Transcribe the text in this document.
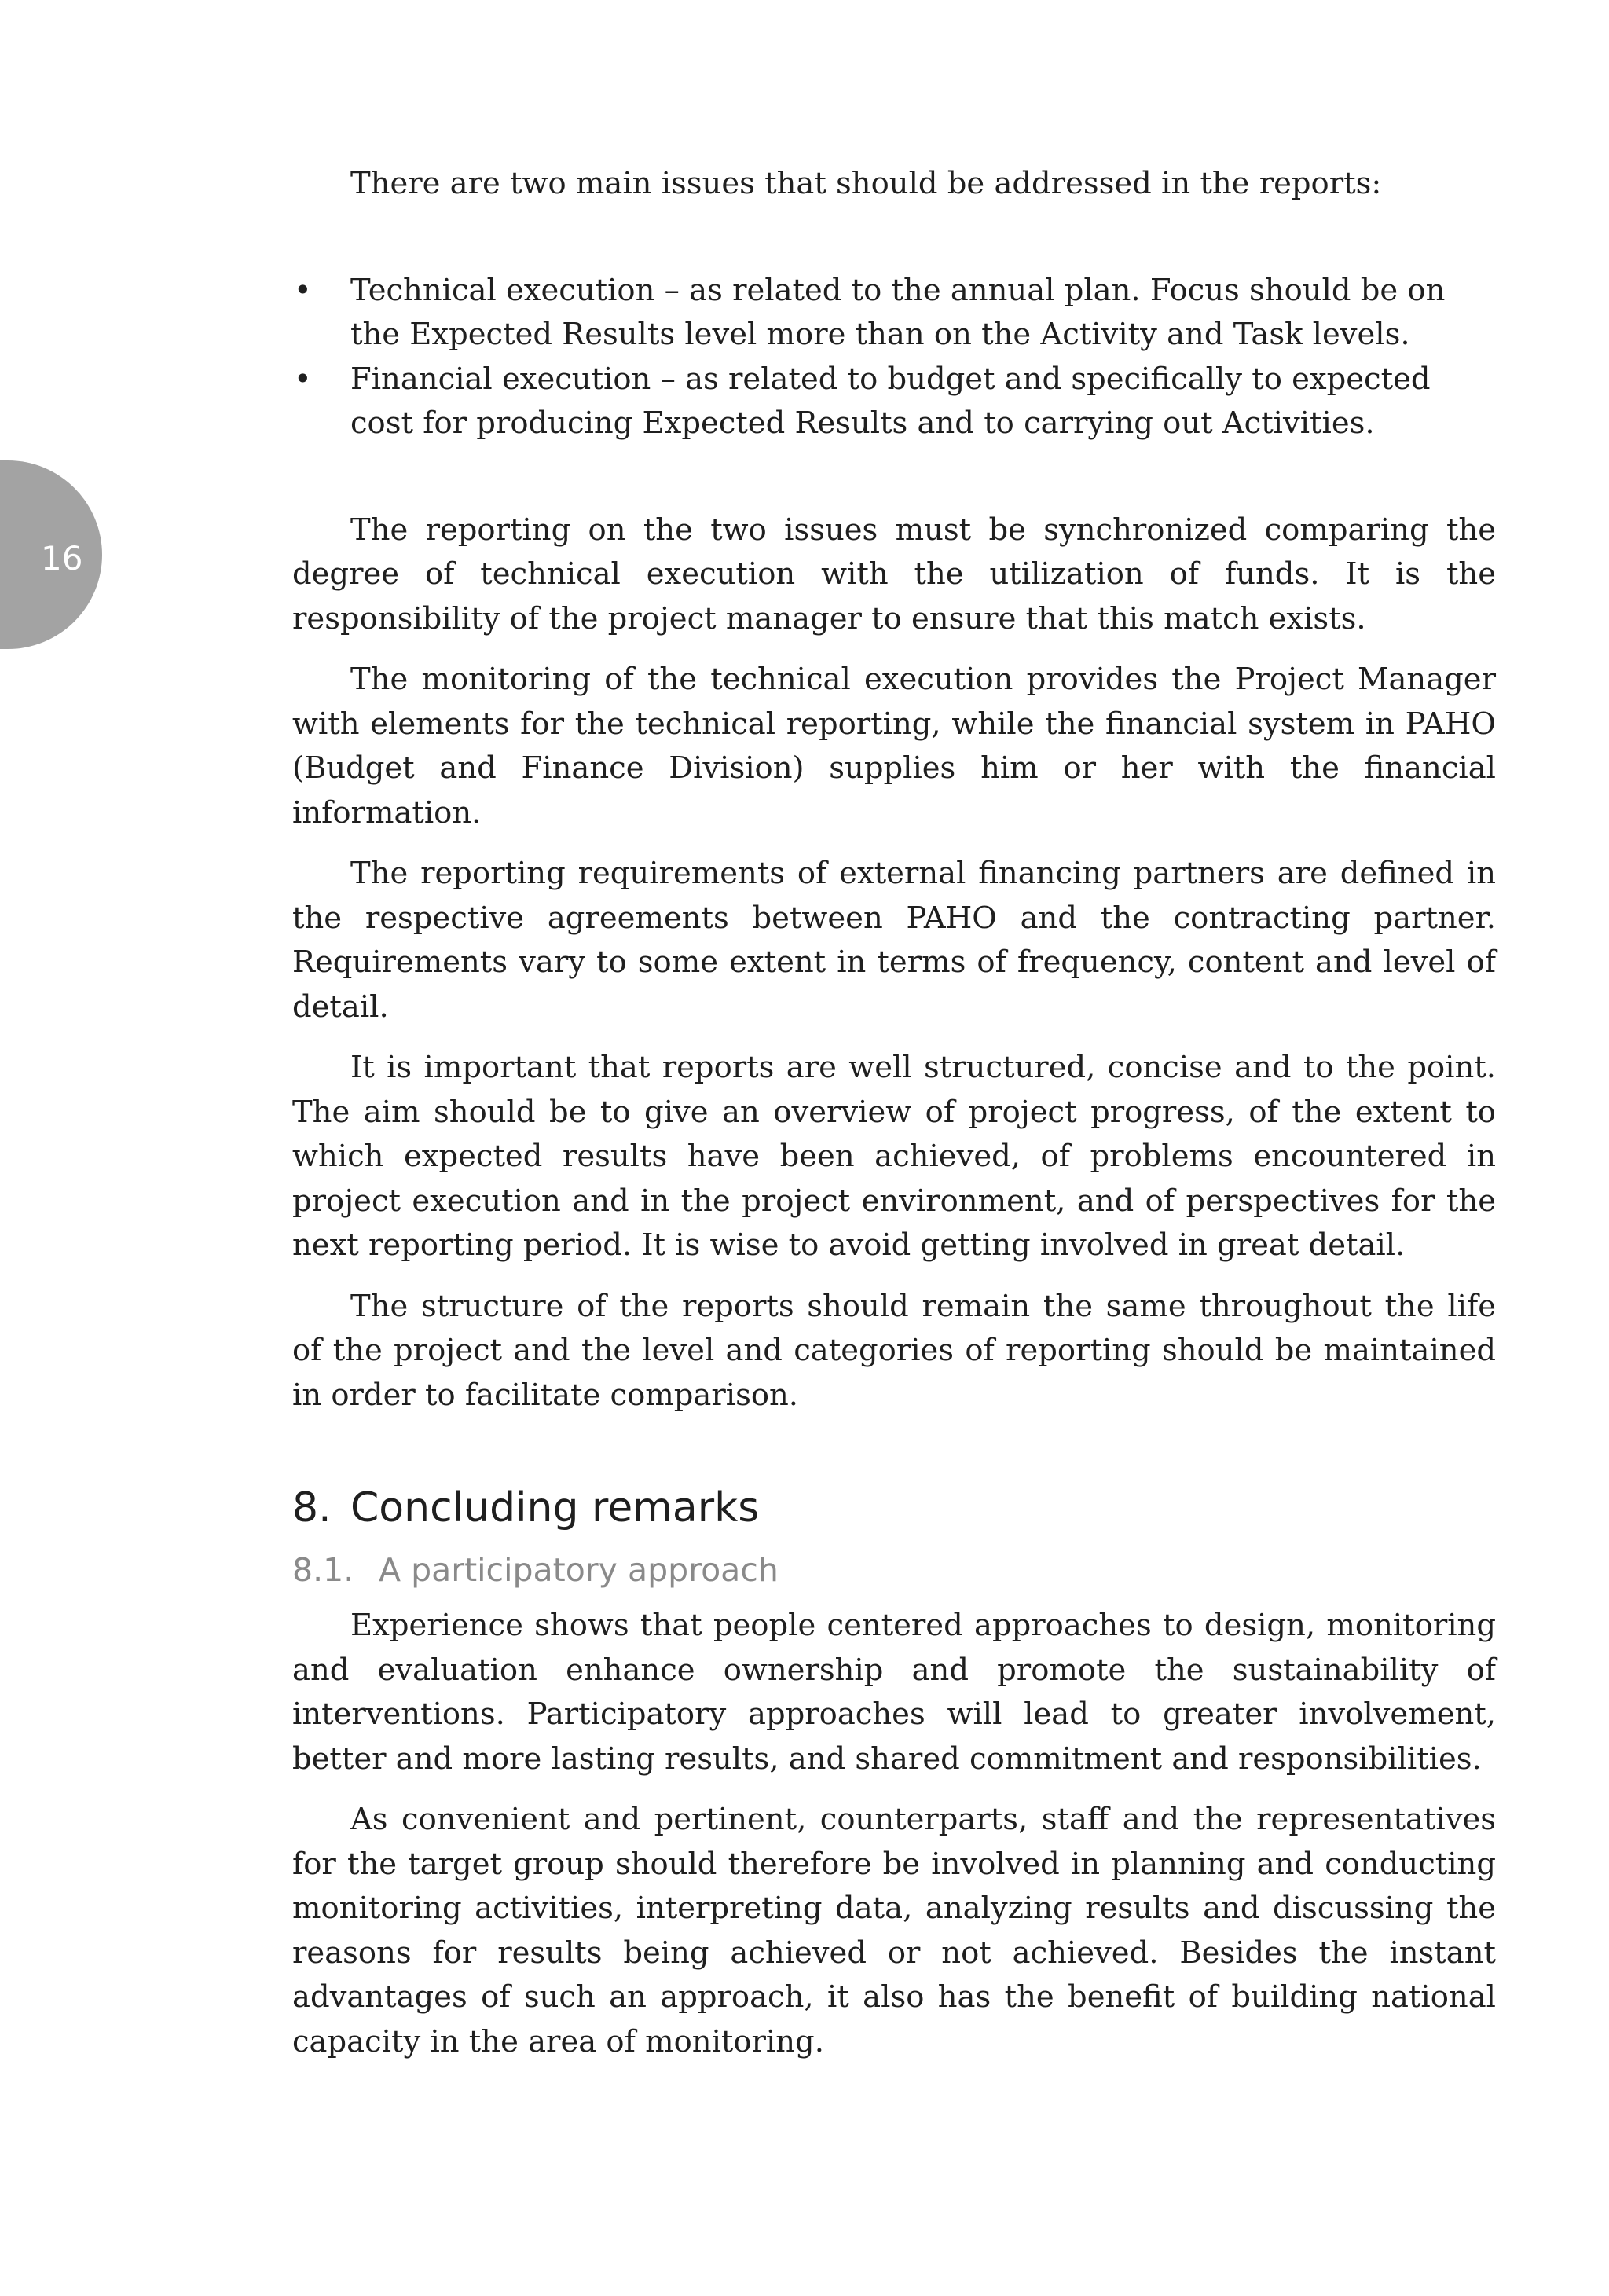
16

There are two main issues that should be addressed in the reports:

• Technical execution – as related to the annual plan. Focus should be on the Expected Results level more than on the Activity and Task levels.
• Financial execution – as related to budget and specifically to expected cost for producing Expected Results and to carrying out Activities.

The reporting on the two issues must be synchronized comparing the degree of technical execution with the utilization of funds. It is the responsibility of the project manager to ensure that this match exists.

The monitoring of the technical execution provides the Project Manager with elements for the technical reporting, while the financial system in PAHO (Budget and Finance Division) supplies him or her with the financial information.

The reporting requirements of external financing partners are defined in the respective agreements between PAHO and the contracting partner. Requirements vary to some extent in terms of frequency, content and level of detail.

It is important that reports are well structured, concise and to the point. The aim should be to give an overview of project progress, of the extent to which expected results have been achieved, of problems encountered in project execution and in the project environment, and of perspectives for the next reporting period. It is wise to avoid getting involved in great detail.

The structure of the reports should remain the same throughout the life of the project and the level and categories of reporting should be maintained in order to facilitate comparison.

8. Concluding remarks
8.1. A participatory approach

Experience shows that people centered approaches to design, monitoring and evaluation enhance ownership and promote the sustainability of interventions. Participatory approaches will lead to greater involvement, better and more lasting results, and shared commitment and responsibilities.

As convenient and pertinent, counterparts, staff and the representatives for the target group should therefore be involved in planning and conducting monitoring activities, interpreting data, analyzing results and discussing the reasons for results being achieved or not achieved. Besides the instant advantages of such an approach, it also has the benefit of building national capacity in the area of monitoring.
